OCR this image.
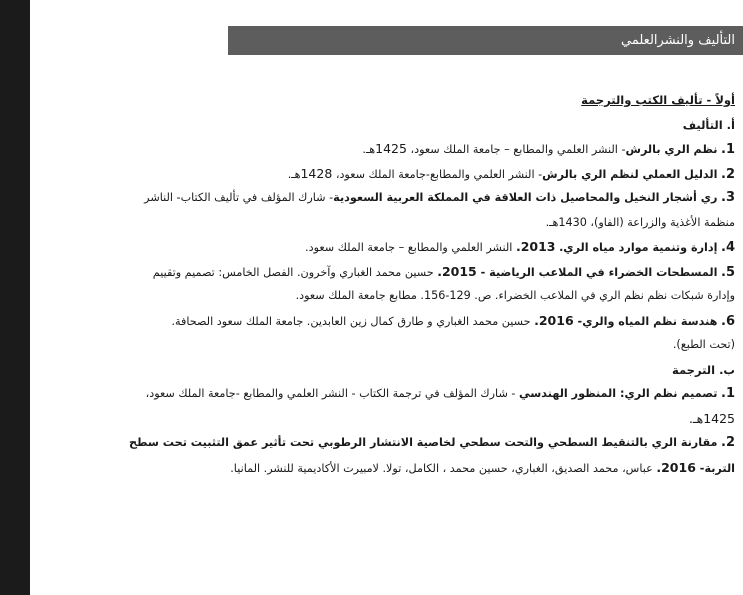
التأليف والنشرالعلمي
أولاً - تأليف الكتب والترجمة
أ. التأليف
1. نظم الري بالرش- النشر العلمي والمطابع – جامعة الملك سعود، 1425هـ.
2. الدليل العملي لنظم الري بالرش- النشر العلمي والمطابع-جامعة الملك سعود، 1428هـ.
3. ري أشجار النخيل والمحاصيل ذات العلاقة في المملكة العربية السعودية- شارك المؤلف في تأليف الكتاب- الناشر
منظمة الأغذية والزراعة (الفاو)، 1430هـ.
4. إدارة وتنمية موارد مياه الري. 2013. النشر العلمي والمطابع – جامعة الملك سعود.
5. المسطحات الخضراء في الملاعب الرياضية - 2015. حسين محمد الغباري وآخرون. الفصل الخامس: تصميم وتقييم
وإدارة شبكات نظم نظم الري في الملاعب الخضراء. ص. 129-156. مطابع جامعة الملك سعود.
6. هندسة نظم المياه والري- 2016. حسين محمد الغباري و طارق كمال زين العابدين. جامعة الملك سعود الصحافة.
(تحت الطبع).
ب. الترجمة
1. تصميم نظم الري: المنظور الهندسي - شارك المؤلف في ترجمة الكتاب - النشر العلمي والمطابع -جامعة الملك سعود،
1425هـ.
2. مقارنة الري بالتنقيط السطحي والتحت سطحي لخاصية الانتشار الرطوبي تحت تأثير عمق التثبيت تحت سطح
التربة- 2016. عباس، محمد الصديق، الغباري، حسين محمد ، الكامل، تولا. لامبيرت الأكاديمية للنشر. المانيا.
